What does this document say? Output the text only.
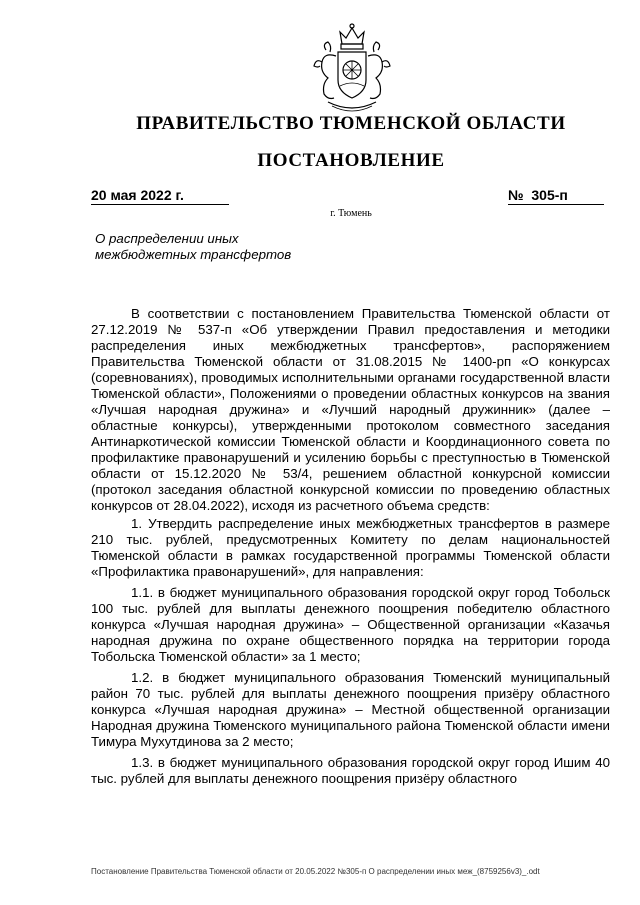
ПРАВИТЕЛЬСТВО ТЮМЕНСКОЙ ОБЛАСТИ
ПОСТАНОВЛЕНИЕ
20 мая 2022 г.	№  305-п
г. Тюмень
О распределении иных
межбюджетных трансфертов

В соответствии с постановлением Правительства Тюменской области от 27.12.2019 № 537-п «Об утверждении Правил предоставления и методики распределения иных межбюджетных трансфертов», распоряжением Правительства Тюменской области от 31.08.2015 № 1400-рп «О конкурсах (соревнованиях), проводимых исполнительными органами государственной власти Тюменской области», Положениями о проведении областных конкурсов на звания «Лучшая народная дружина» и «Лучший народный дружинник» (далее – областные конкурсы), утвержденными протоколом совместного заседания Антинаркотической комиссии Тюменской области и Координационного совета по профилактике правонарушений и усилению борьбы с преступностью в Тюменской области от 15.12.2020 № 53/4, решением областной конкурсной комиссии (протокол заседания областной конкурсной комиссии по проведению областных конкурсов от 28.04.2022), исходя из расчетного объема средств:

1. Утвердить распределение иных межбюджетных трансфертов в размере 210 тыс. рублей, предусмотренных Комитету по делам национальностей Тюменской области в рамках государственной программы Тюменской области «Профилактика правонарушений», для направления:

1.1. в бюджет муниципального образования городской округ город Тобольск 100 тыс. рублей для выплаты денежного поощрения победителю областного конкурса «Лучшая народная дружина» – Общественной организации «Казачья народная дружина по охране общественного порядка на территории города Тобольска Тюменской области» за 1 место;

1.2. в бюджет муниципального образования Тюменский муниципальный район 70 тыс. рублей для выплаты денежного поощрения призёру областного конкурса «Лучшая народная дружина» – Местной общественной организации Народная дружина Тюменского муниципального района Тюменской области имени Тимура Мухутдинова за 2 место;

1.3. в бюджет муниципального образования городской округ город Ишим 40 тыс. рублей для выплаты денежного поощрения призёру областного

Постановление Правительства Тюменской области от 20.05.2022 №305-п О распределении иных меж_(8759256v3)_.odt
